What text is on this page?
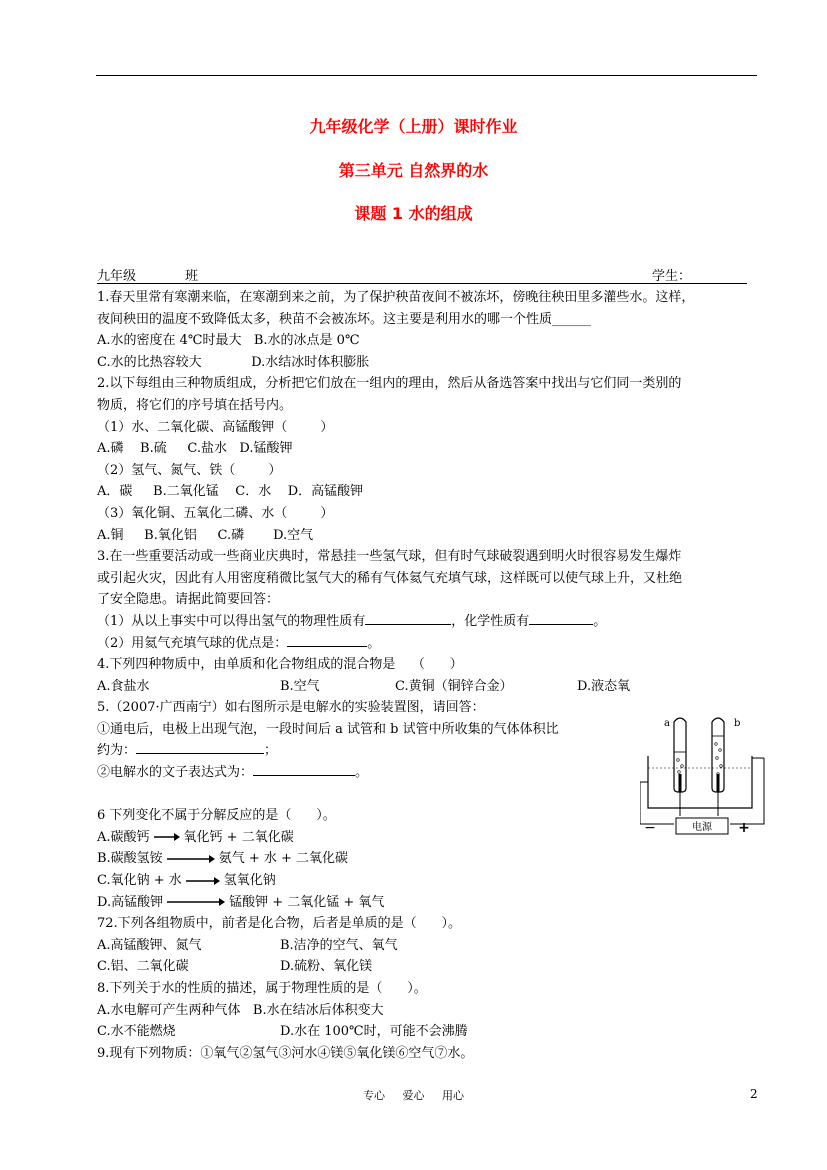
九年级化学（上册）课时作业
第三单元 自然界的水
课题 1 水的组成
九年级	班	学生：
1.春天里常有寒潮来临，在寒潮到来之前，为了保护秧苗夜间不被冻坏，傍晚往秧田里多灌些水。这样，
夜间秧田的温度不致降低太多，秧苗不会被冻坏。这主要是利用水的哪一个性质______
A.水的密度在 4℃时最大   B.水的冰点是 0℃
C.水的比热容较大            D.水结冰时体积膨胀
2.以下每组由三种物质组成，分析把它们放在一组内的理由，然后从备选答案中找出与它们同一类别的
物质，将它们的序号填在括号内。
（1）水、二氧化碳、高锰酸钾（        ）
A.磷    B.硫     C.盐水   D.锰酸钾
（2）氢气、氮气、铁（        ）
A．碳     B.二氧化锰    C．水    D．高锰酸钾
（3）氧化铜、五氧化二磷、水（        ）
A.铜     B.氧化铝     C.磷       D.空气
3.在一些重要活动或一些商业庆典时，常悬挂一些氢气球，但有时气球破裂遇到明火时很容易发生爆炸
或引起火灾，因此有人用密度稍微比氢气大的稀有气体氦气充填气球，这样既可以使气球上升，又杜绝
了安全隐患。请据此简要回答：
（1）从以上事实中可以得出氢气的物理性质有	，化学性质有	。
（2）用氦气充填气球的优点是：	。
4.下列四种物质中，由单质和化合物组成的混合物是    （      ）
A.食盐水	B.空气	C.黄铜（铜锌合金）	D.液态氧
5.（2007·广西南宁）如右图所示是电解水的实验装置图，请回答：
①通电后，电极上出现气泡，一段时间后 a 试管和 b 试管中所收集的气体体积比
约为：	；
②电解水的文子表达式为：	。
6 下列变化不属于分解反应的是（      ）。
A.碳酸钙 → 氧化钙 + 二氧化碳
B.碳酸氢铵 → 氨气 + 水 + 二氧化碳
C.氧化钠 + 水 → 氢氧化钠
D.高锰酸钾	锰酸钾 + 二氧化锰 + 氧气
72.下列各组物质中，前者是化合物，后者是单质的是（      ）。
A.高锰酸钾、氮气	B.洁净的空气、氧气
C.铝、二氧化碳	D.硫粉、氧化镁
8.下列关于水的性质的描述，属于物理性质的是（      ）。
A.水电解可产生两种气体   B.水在结冰后体积变大
C.水不能燃烧	D.水在 100℃时，可能不会沸腾
9.现有下列物质：①氧气②氢气③河水④镁⑤氧化镁⑥空气⑦水。
电源
−	+
a	b
专心     爱心     用心	2
